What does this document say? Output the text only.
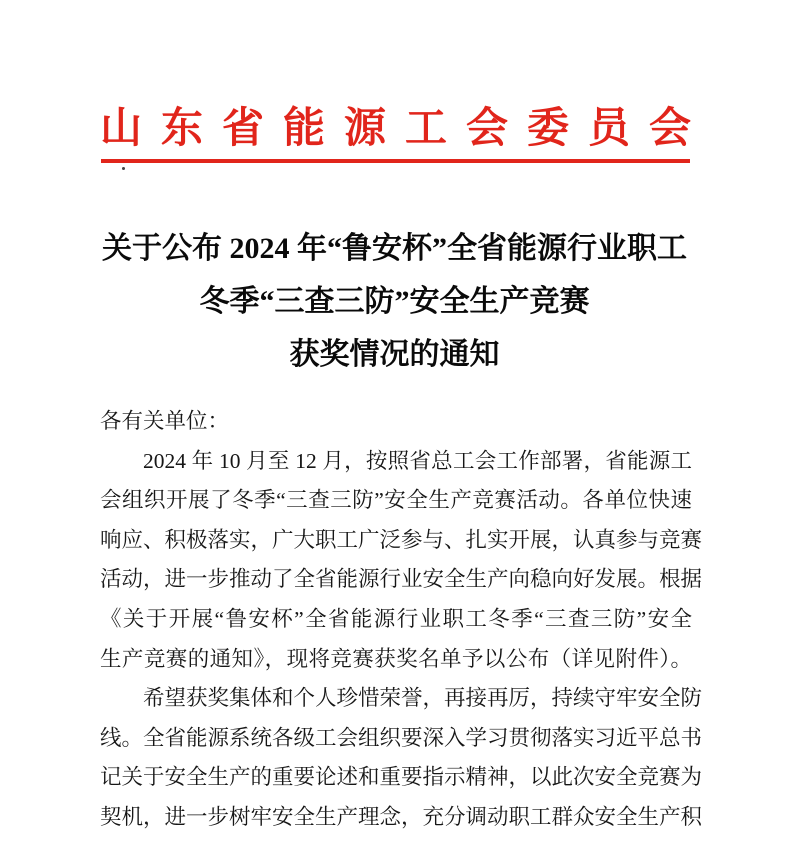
山东省能源工会委员会
关于公布 2024 年“鲁安杯”全省能源行业职工
冬季“三查三防”安全生产竞赛
获奖情况的通知
各有关单位：
2024 年 10 月至 12 月，按照省总工会工作部署，省能源工
会组织开展了冬季“三查三防”安全生产竞赛活动。各单位快速
响应、积极落实，广大职工广泛参与、扎实开展，认真参与竞赛
活动，进一步推动了全省能源行业安全生产向稳向好发展。根据
《关于开展“鲁安杯”全省能源行业职工冬季“三查三防”安全
生产竞赛的通知》，现将竞赛获奖名单予以公布（详见附件）。
希望获奖集体和个人珍惜荣誉，再接再厉，持续守牢安全防
线。全省能源系统各级工会组织要深入学习贯彻落实习近平总书
记关于安全生产的重要论述和重要指示精神，以此次安全竞赛为
契机，进一步树牢安全生产理念，充分调动职工群众安全生产积
